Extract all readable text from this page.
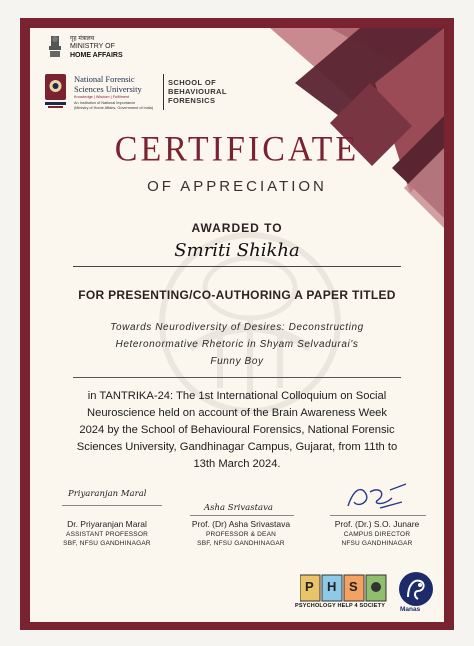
गृह मंत्रालय
MINISTRY OF
HOME AFFAIRS
National Forensic
Sciences University
Knowledge | Wisdom | Fulfilment
An Institution of National Importance
(Ministry of Home Affairs, Government of India)
SCHOOL OF
BEHAVIOURAL
FORENSICS
CERTIFICATE
OF APPRECIATION
AWARDED TO
Smriti Shikha
FOR PRESENTING/CO-AUTHORING A PAPER TITLED
Towards Neurodiversity of Desires: Deconstructing
Heteronormative Rhetoric in Shyam Selvadurai's
Funny Boy
in TANTRIKA-24: The 1st International Colloquium on Social
Neuroscience held on account of the Brain Awareness Week
2024 by the School of Behavioural Forensics, National Forensic
Sciences University, Gandhinagar Campus, Gujarat, from 11th to
13th March 2024.
Priyaranjan Maral
Dr. Priyaranjan Maral
ASSISTANT PROFESSOR
SBF, NFSU GANDHINAGAR
Asha Srivastava
Prof. (Dr) Asha Srivastava
PROFESSOR & DEAN
SBF, NFSU GANDHINAGAR
Prof. (Dr.) S.O. Junare
CAMPUS DIRECTOR
NFSU GANDHINAGAR
P H S
PSYCHOLOGY HELP 4 SOCIETY Manas
